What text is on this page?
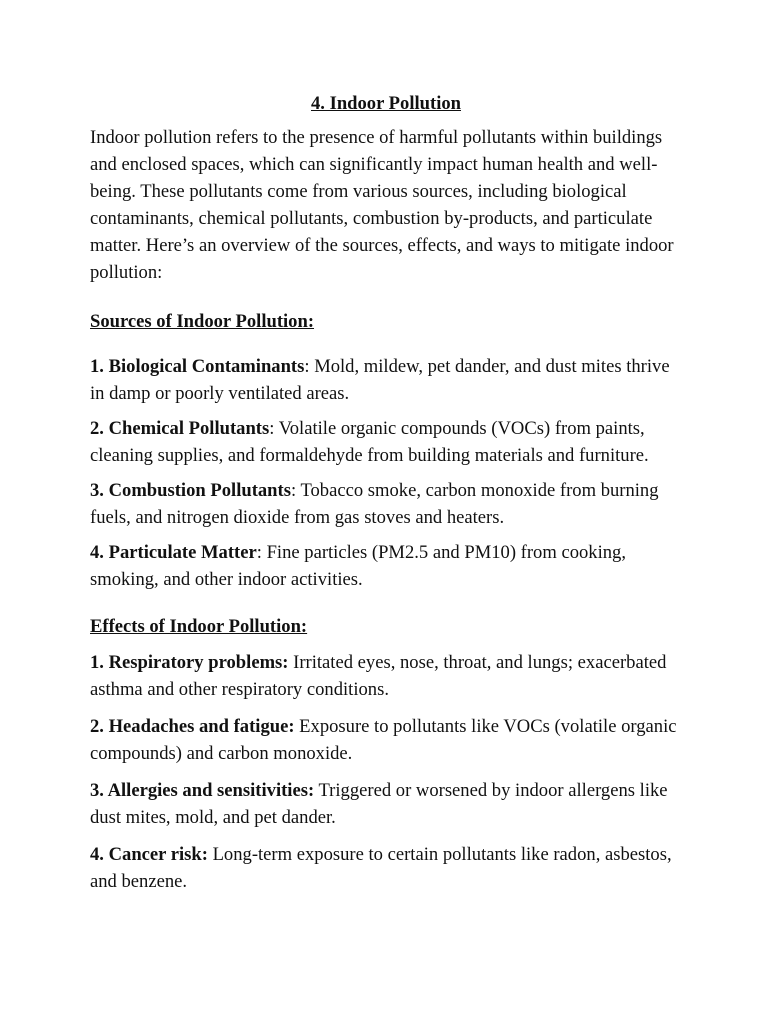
4. Indoor Pollution

Indoor pollution refers to the presence of harmful pollutants within buildings and enclosed spaces, which can significantly impact human health and well-being. These pollutants come from various sources, including biological contaminants, chemical pollutants, combustion by-products, and particulate matter. Here’s an overview of the sources, effects, and ways to mitigate indoor pollution:

Sources of Indoor Pollution:

1. Biological Contaminants: Mold, mildew, pet dander, and dust mites thrive in damp or poorly ventilated areas.

2. Chemical Pollutants: Volatile organic compounds (VOCs) from paints, cleaning supplies, and formaldehyde from building materials and furniture.

3. Combustion Pollutants: Tobacco smoke, carbon monoxide from burning fuels, and nitrogen dioxide from gas stoves and heaters.

4. Particulate Matter: Fine particles (PM2.5 and PM10) from cooking, smoking, and other indoor activities.

Effects of Indoor Pollution:

1. Respiratory problems: Irritated eyes, nose, throat, and lungs; exacerbated asthma and other respiratory conditions.

2. Headaches and fatigue: Exposure to pollutants like VOCs (volatile organic compounds) and carbon monoxide.

3. Allergies and sensitivities: Triggered or worsened by indoor allergens like dust mites, mold, and pet dander.

4. Cancer risk: Long-term exposure to certain pollutants like radon, asbestos, and benzene.
